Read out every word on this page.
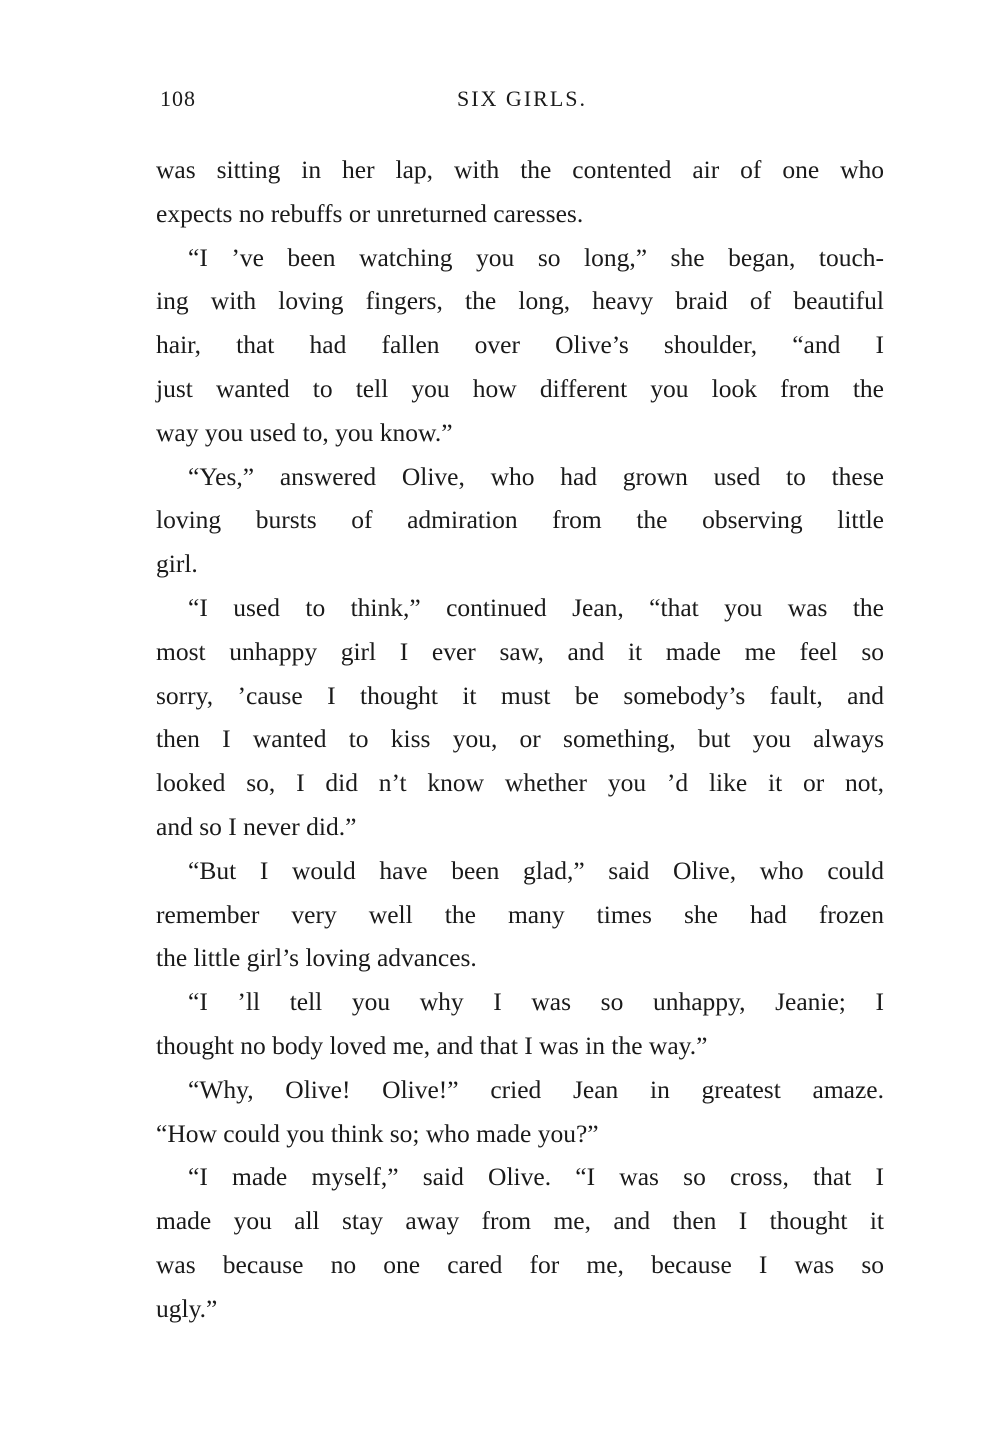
108	SIX GIRLS.
was sitting in her lap, with the contented air of one who
expects no rebuffs or unreturned caresses.
“I ’ve been watching you so long,” she began, touch-
ing with loving fingers, the long, heavy braid of beautiful
hair, that had fallen over Olive’s shoulder, “and I
just wanted to tell you how different you look from the
way you used to, you know.”
“Yes,” answered Olive, who had grown used to these
loving bursts of admiration from the observing little
girl.
“I used to think,” continued Jean, “that you was the
most unhappy girl I ever saw, and it made me feel so
sorry, ’cause I thought it must be somebody’s fault, and
then I wanted to kiss you, or something, but you always
looked so, I did n’t know whether you ’d like it or not,
and so I never did.”
“But I would have been glad,” said Olive, who could
remember very well the many times she had frozen
the little girl’s loving advances.
“I ’ll tell you why I was so unhappy, Jeanie; I
thought no body loved me, and that I was in the way.”
“Why, Olive! Olive!” cried Jean in greatest amaze.
“How could you think so; who made you?”
“I made myself,” said Olive. “I was so cross, that I
made you all stay away from me, and then I thought it
was because no one cared for me, because I was so
ugly.”
